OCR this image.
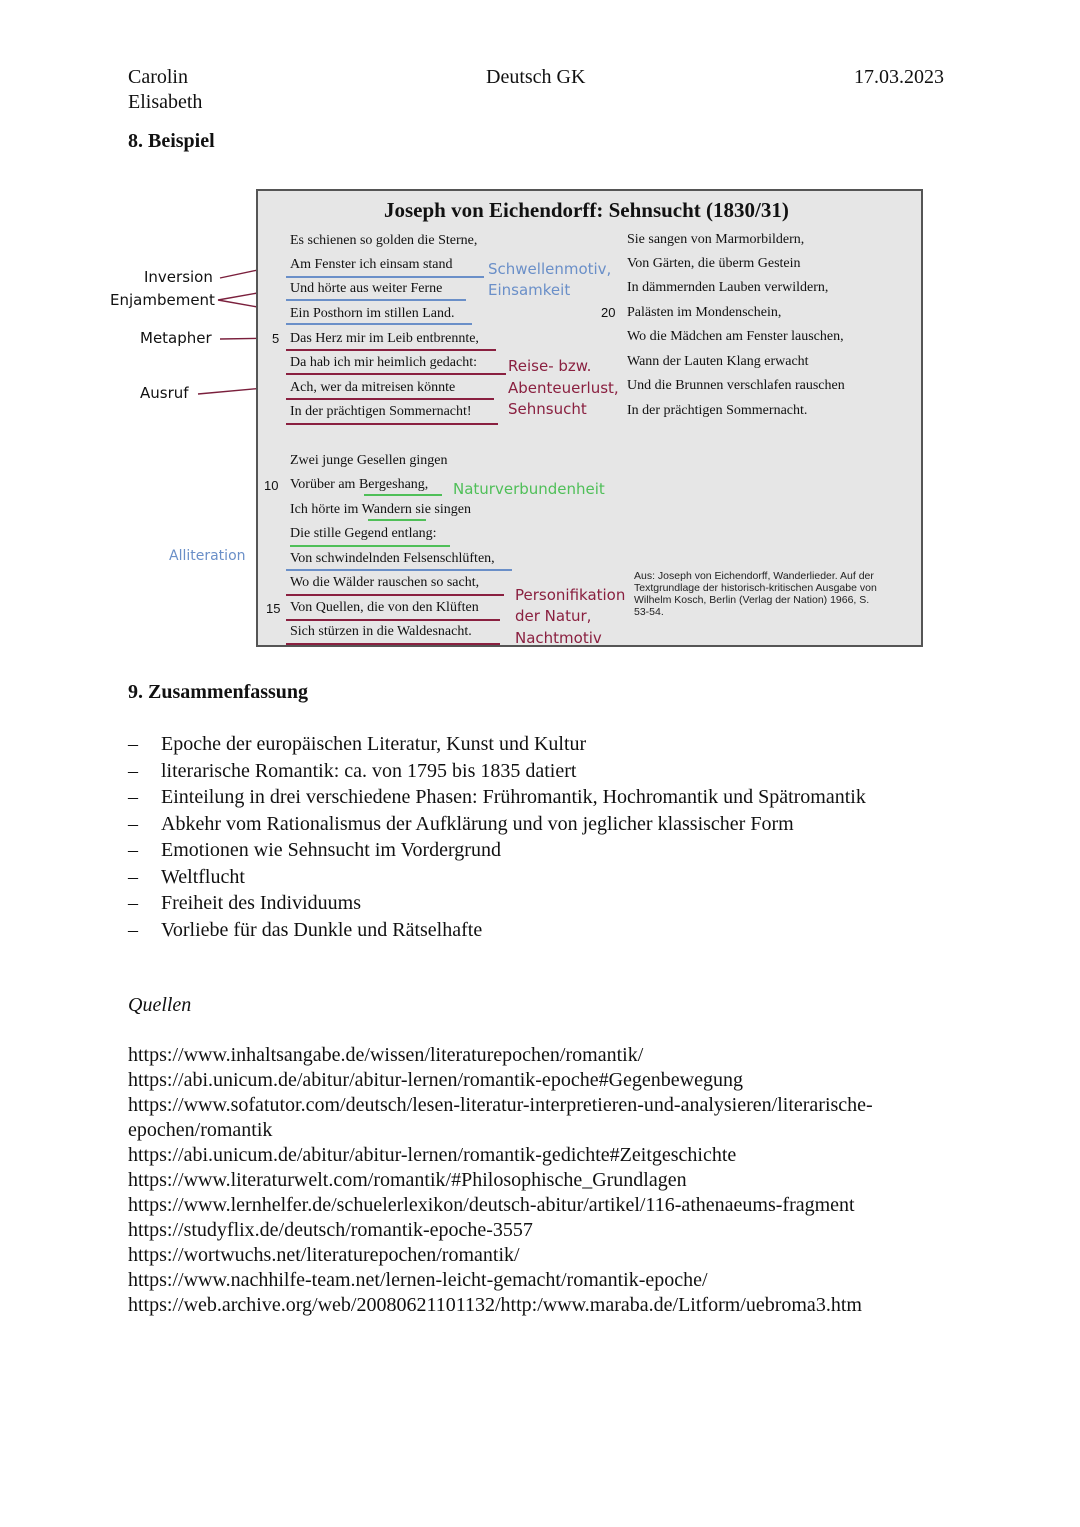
Carolin
Elisabeth
Deutsch GK	17.03.2023
8. Beispiel
Inversion
Enjambement
Metapher
Ausruf
Alliteration
Joseph von Eichendorff: Sehnsucht (1830/31)
Es schienen so golden die Sterne,
Am Fenster ich einsam stand
Und hörte aus weiter Ferne
Ein Posthorn im stillen Land.
Das Herz mir im Leib entbrennte,
Da hab ich mir heimlich gedacht:
Ach, wer da mitreisen könnte
In der prächtigen Sommernacht!
Zwei junge Gesellen gingen
Vorüber am Bergeshang,
Ich hörte im Wandern sie singen
Die stille Gegend entlang:
Von schwindelnden Felsenschlüften,
Wo die Wälder rauschen so sacht,
Von Quellen, die von den Klüften
Sich stürzen in die Waldesnacht.
Sie sangen von Marmorbildern,
Von Gärten, die überm Gestein
In dämmernden Lauben verwildern,
Palästen im Mondenschein,
Wo die Mädchen am Fenster lauschen,
Wann der Lauten Klang erwacht
Und die Brunnen verschlafen rauschen
In der prächtigen Sommernacht.
5
10
15
20
Schwellenmotiv,
Einsamkeit
Reise- bzw.
Abenteuerlust,
Sehnsucht
Naturverbundenheit
Personifikation
der Natur,
Nachtmotiv
Aus: Joseph von Eichendorff, Wanderlieder. Auf der Textgrundlage der historisch-kritischen Ausgabe von Wilhelm Kosch, Berlin (Verlag der Nation) 1966, S. 53-54.
9. Zusammenfassung
– Epoche der europäischen Literatur, Kunst und Kultur
– literarische Romantik: ca. von 1795 bis 1835 datiert
– Einteilung in drei verschiedene Phasen: Frühromantik, Hochromantik und Spätromantik
– Abkehr vom Rationalismus der Aufklärung und von jeglicher klassischer Form
– Emotionen wie Sehnsucht im Vordergrund
– Weltflucht
– Freiheit des Individuums
– Vorliebe für das Dunkle und Rätselhafte
Quellen
https://www.inhaltsangabe.de/wissen/literaturepochen/romantik/
https://abi.unicum.de/abitur/abitur-lernen/romantik-epoche#Gegenbewegung
https://www.sofatutor.com/deutsch/lesen-literatur-interpretieren-und-analysieren/literarische-
epochen/romantik
https://abi.unicum.de/abitur/abitur-lernen/romantik-gedichte#Zeitgeschichte
https://www.literaturwelt.com/romantik/#Philosophische_Grundlagen
https://www.lernhelfer.de/schuelerlexikon/deutsch-abitur/artikel/116-athenaeums-fragment
https://studyflix.de/deutsch/romantik-epoche-3557
https://wortwuchs.net/literaturepochen/romantik/
https://www.nachhilfe-team.net/lernen-leicht-gemacht/romantik-epoche/
https://web.archive.org/web/20080621101132/http:/www.maraba.de/Litform/uebroma3.htm
